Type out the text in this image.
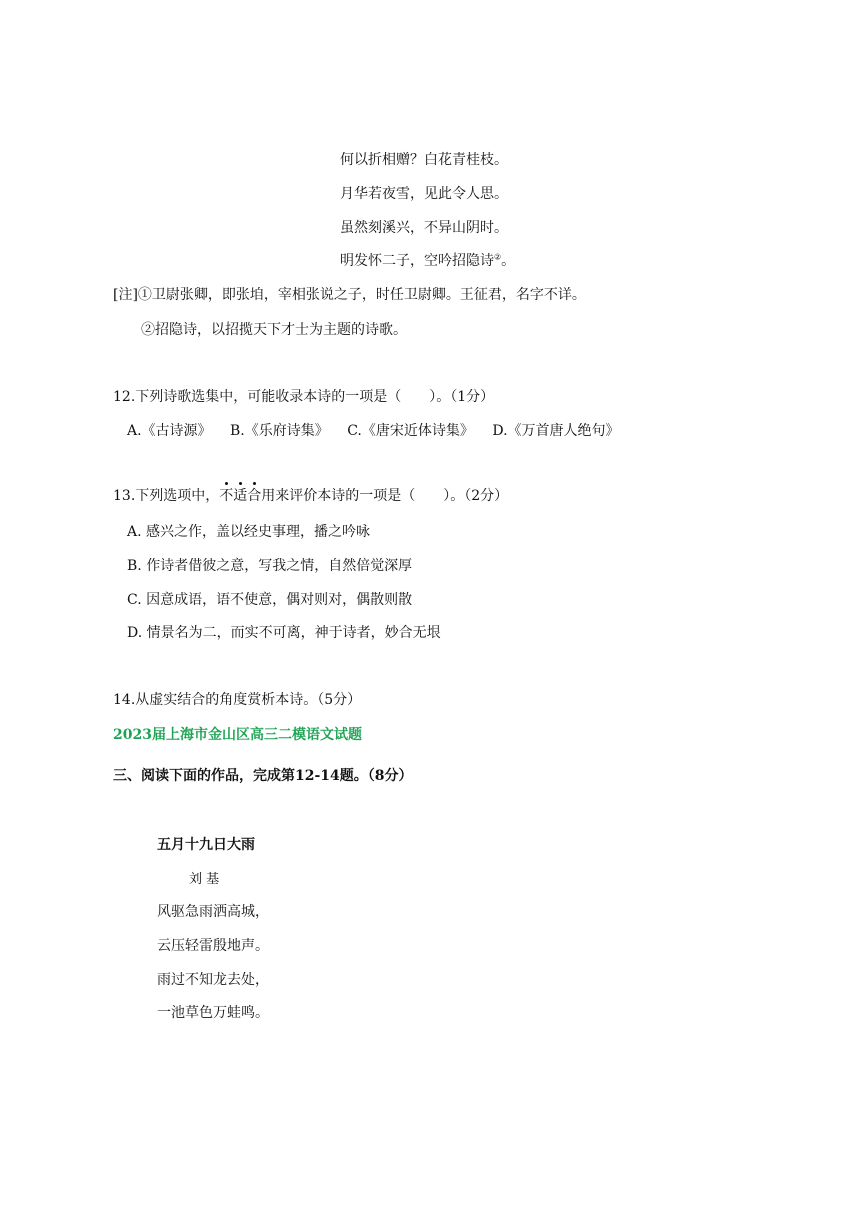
何以折相赠？白花青桂枝。
月华若夜雪，见此令人思。
虽然刻溪兴，不异山阴时。
明发怀二子，空吟招隐诗②。
[注]①卫尉张卿，即张垍，宰相张说之子，时任卫尉卿。王征君，名字不详。
②招隐诗，以招揽天下才士为主题的诗歌。
12.下列诗歌选集中，可能收录本诗的一项是（　　）。（1分）
A.《古诗源》 B.《乐府诗集》 C.《唐宋近体诗集》 D.《万首唐人绝句》
13.下列选项中，不适合用来评价本诗的一项是（　　）。（2分）
A. 感兴之作，盖以经史事理，播之吟咏
B. 作诗者借彼之意，写我之情，自然倍觉深厚
C. 因意成语，语不使意，偶对则对，偶散则散
D. 情景名为二，而实不可离，神于诗者，妙合无垠
14.从虚实结合的角度赏析本诗。（5分）
2023届上海市金山区高三二模语文试题
三、阅读下面的作品，完成第12-14题。（8分）
五月十九日大雨
刘 基
风驱急雨洒高城，
云压轻雷殷地声。
雨过不知龙去处，
一池草色万蛙鸣。
